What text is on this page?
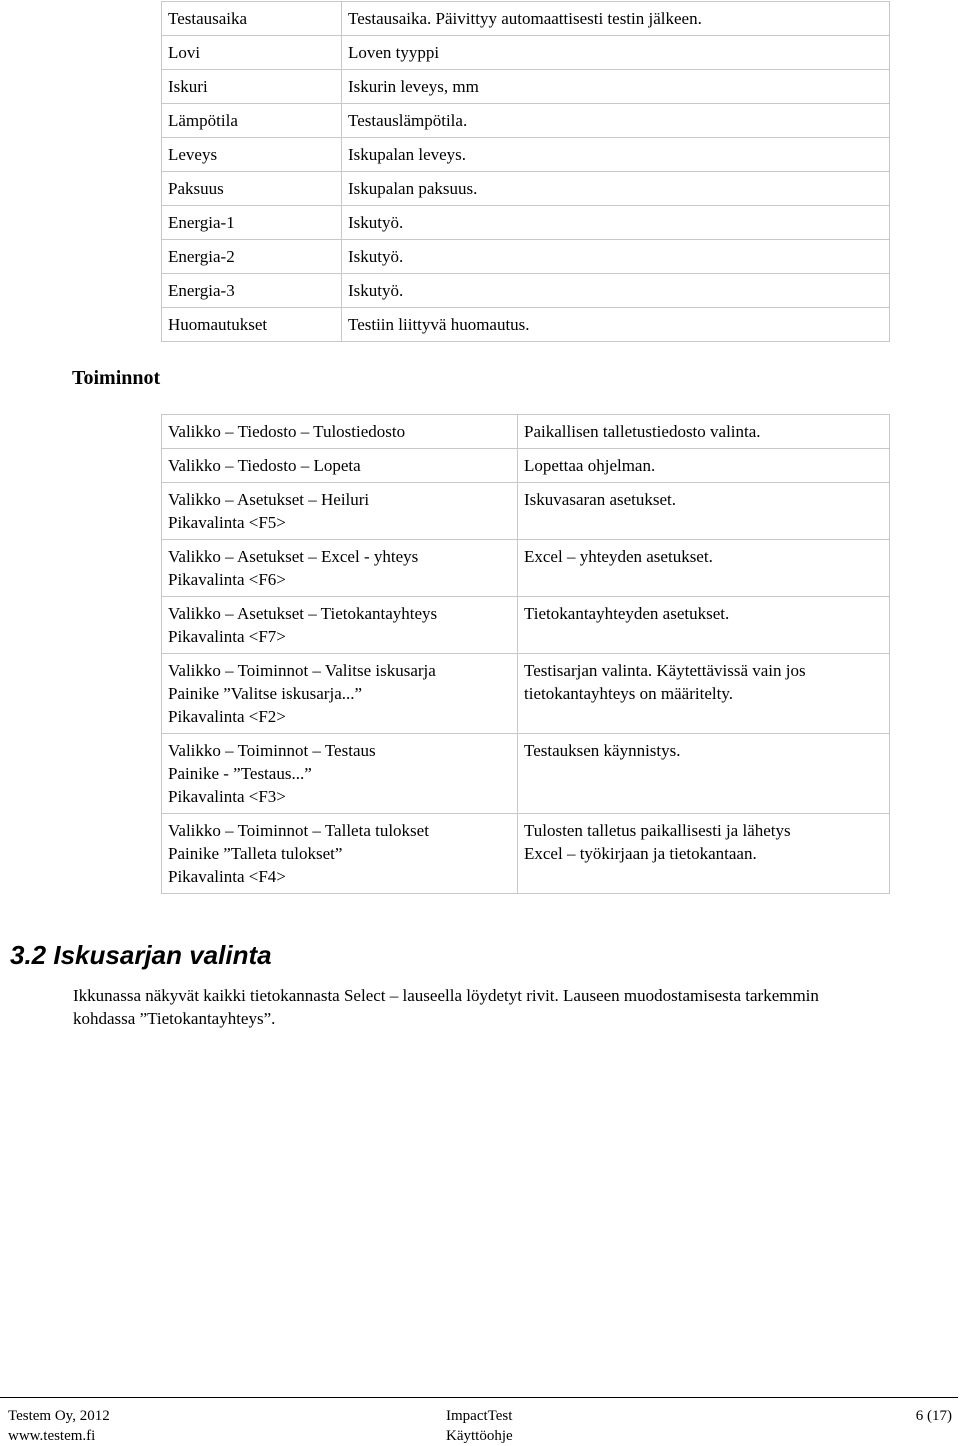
Testausaika	Testausaika. Päivittyy automaattisesti testin jälkeen.
Lovi	Loven tyyppi
Iskuri	Iskurin leveys, mm
Lämpötila	Testauslämpötila.
Leveys	Iskupalan leveys.
Paksuus	Iskupalan paksuus.
Energia-1	Iskutyö.
Energia-2	Iskutyö.
Energia-3	Iskutyö.
Huomautukset	Testiin liittyvä huomautus.
Toiminnot
Valikko – Tiedosto – Tulostiedosto	Paikallisen talletustiedosto valinta.

Valikko – Tiedosto – Lopeta	Lopettaa ohjelman.

Valikko – Asetukset – Heiluri
Pikavalinta <F5>	Iskuvasaran asetukset.

Valikko – Asetukset – Excel - yhteys
Pikavalinta <F6>	Excel – yhteyden asetukset.

Valikko – Asetukset – Tietokantayhteys
Pikavalinta <F7>	Tietokantayhteyden asetukset.

Valikko – Toiminnot – Valitse iskusarja
Painike ”Valitse iskusarja...”
Pikavalinta <F2>	Testisarjan valinta. Käytettävissä vain jos
tietokantayhteys on määritelty.

Valikko – Toiminnot – Testaus
Painike - ”Testaus...”
Pikavalinta <F3>	Testauksen käynnistys.

Valikko – Toiminnot – Talleta tulokset
Painike ”Talleta tulokset”
Pikavalinta <F4>	Tulosten talletus paikallisesti ja lähetys
Excel – työkirjaan ja tietokantaan.
3.2 Iskusarjan valinta

Ikkunassa näkyvät kaikki tietokannasta Select – lauseella löydetyt rivit. Lauseen muodostamisesta tarkemmin
kohdassa ”Tietokantayhteys”.

Testem Oy, 2012
www.testem.fi
ImpactTest
Käyttöohje
6 (17)
